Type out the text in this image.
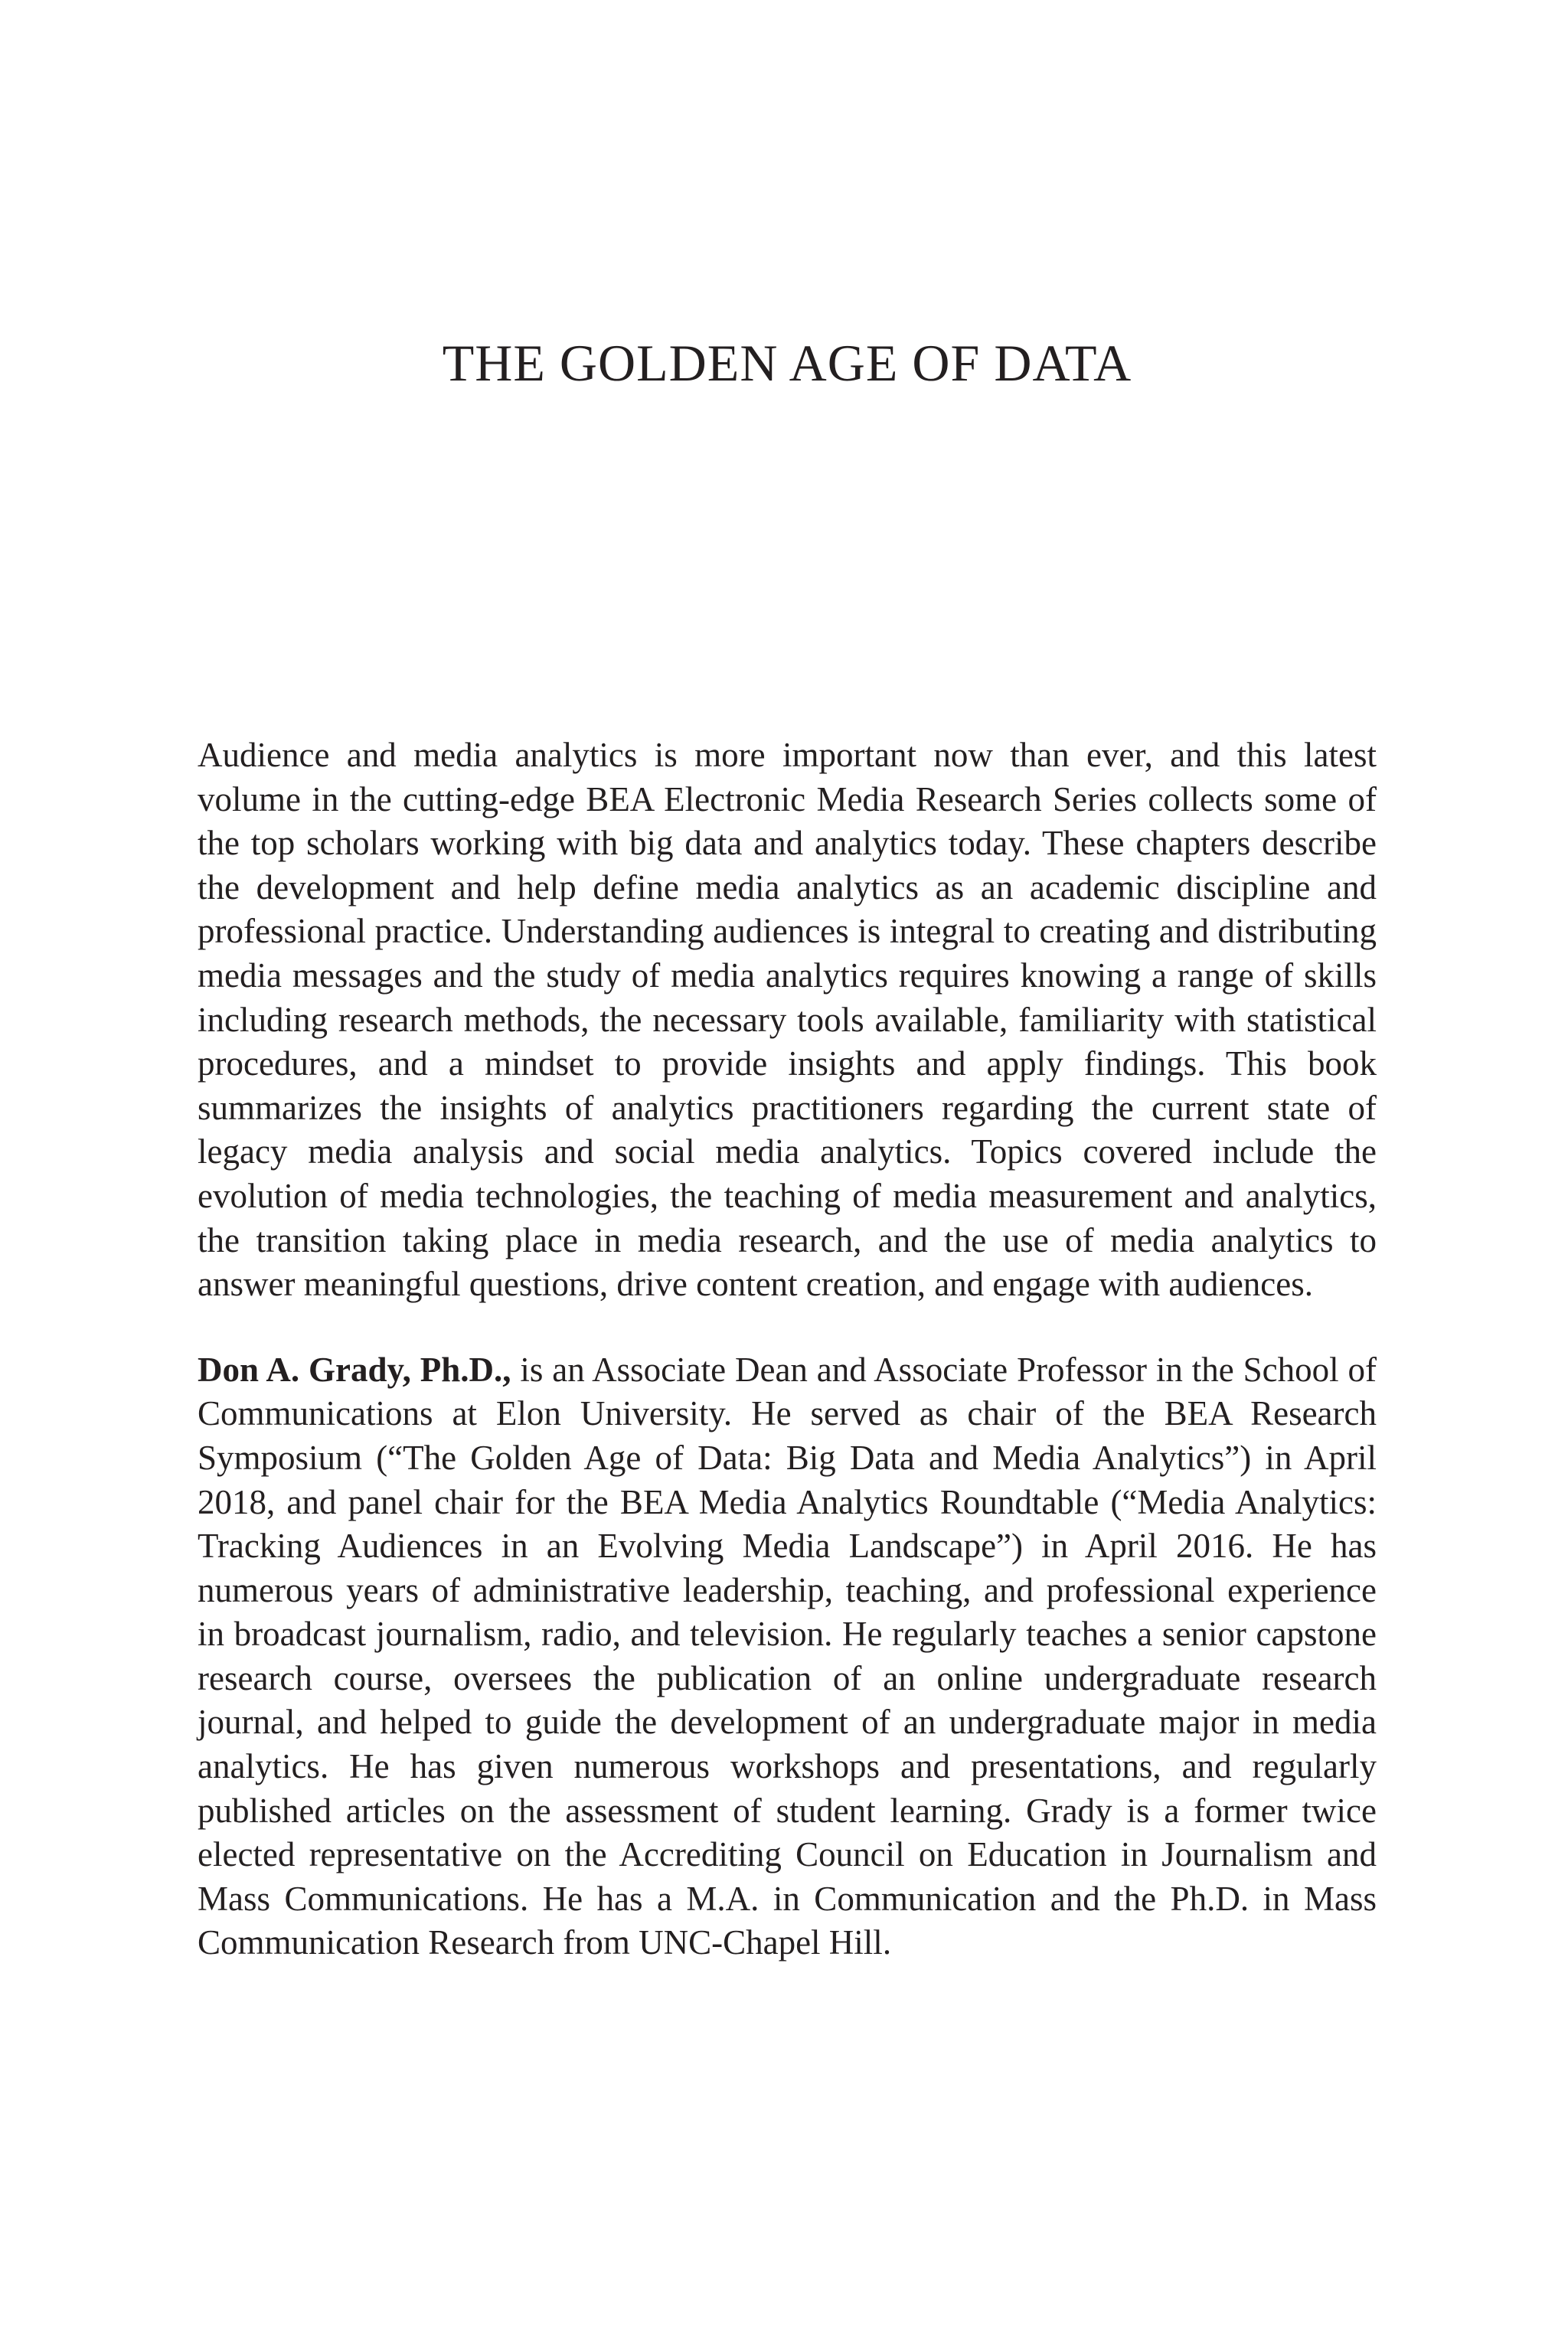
THE GOLDEN AGE OF DATA

Audience and media analytics is more important now than ever, and this latest volume in the cutting-edge BEA Electronic Media Research Series collects some of the top scholars working with big data and analytics today. These chapters describe the development and help define media analytics as an academic discipline and professional practice. Understanding audiences is integral to creating and distributing media messages and the study of media analytics requires knowing a range of skills including research methods, the necessary tools available, familiarity with statistical procedures, and a mindset to provide insights and apply findings. This book summarizes the insights of analytics practitioners regarding the current state of legacy media analysis and social media analytics. Topics covered include the evolution of media technologies, the teaching of media measurement and analytics, the transition taking place in media research, and the use of media analytics to answer meaningful questions, drive content creation, and engage with audiences.

Don A. Grady, Ph.D., is an Associate Dean and Associate Professor in the School of Communications at Elon University. He served as chair of the BEA Research Symposium (“The Golden Age of Data: Big Data and Media Analytics”) in April 2018, and panel chair for the BEA Media Analytics Roundtable (“Media Analytics: Tracking Audiences in an Evolving Media Landscape”) in April 2016. He has numerous years of administrative leadership, teaching, and professional experience in broadcast journalism, radio, and television. He regularly teaches a senior capstone research course, oversees the publication of an online undergraduate research journal, and helped to guide the development of an undergraduate major in media analytics. He has given numerous workshops and presentations, and regularly published articles on the assessment of student learning. Grady is a former twice elected representative on the Accrediting Council on Education in Journalism and Mass Communications. He has a M.A. in Communication and the Ph.D. in Mass Communication Research from UNC-Chapel Hill.
